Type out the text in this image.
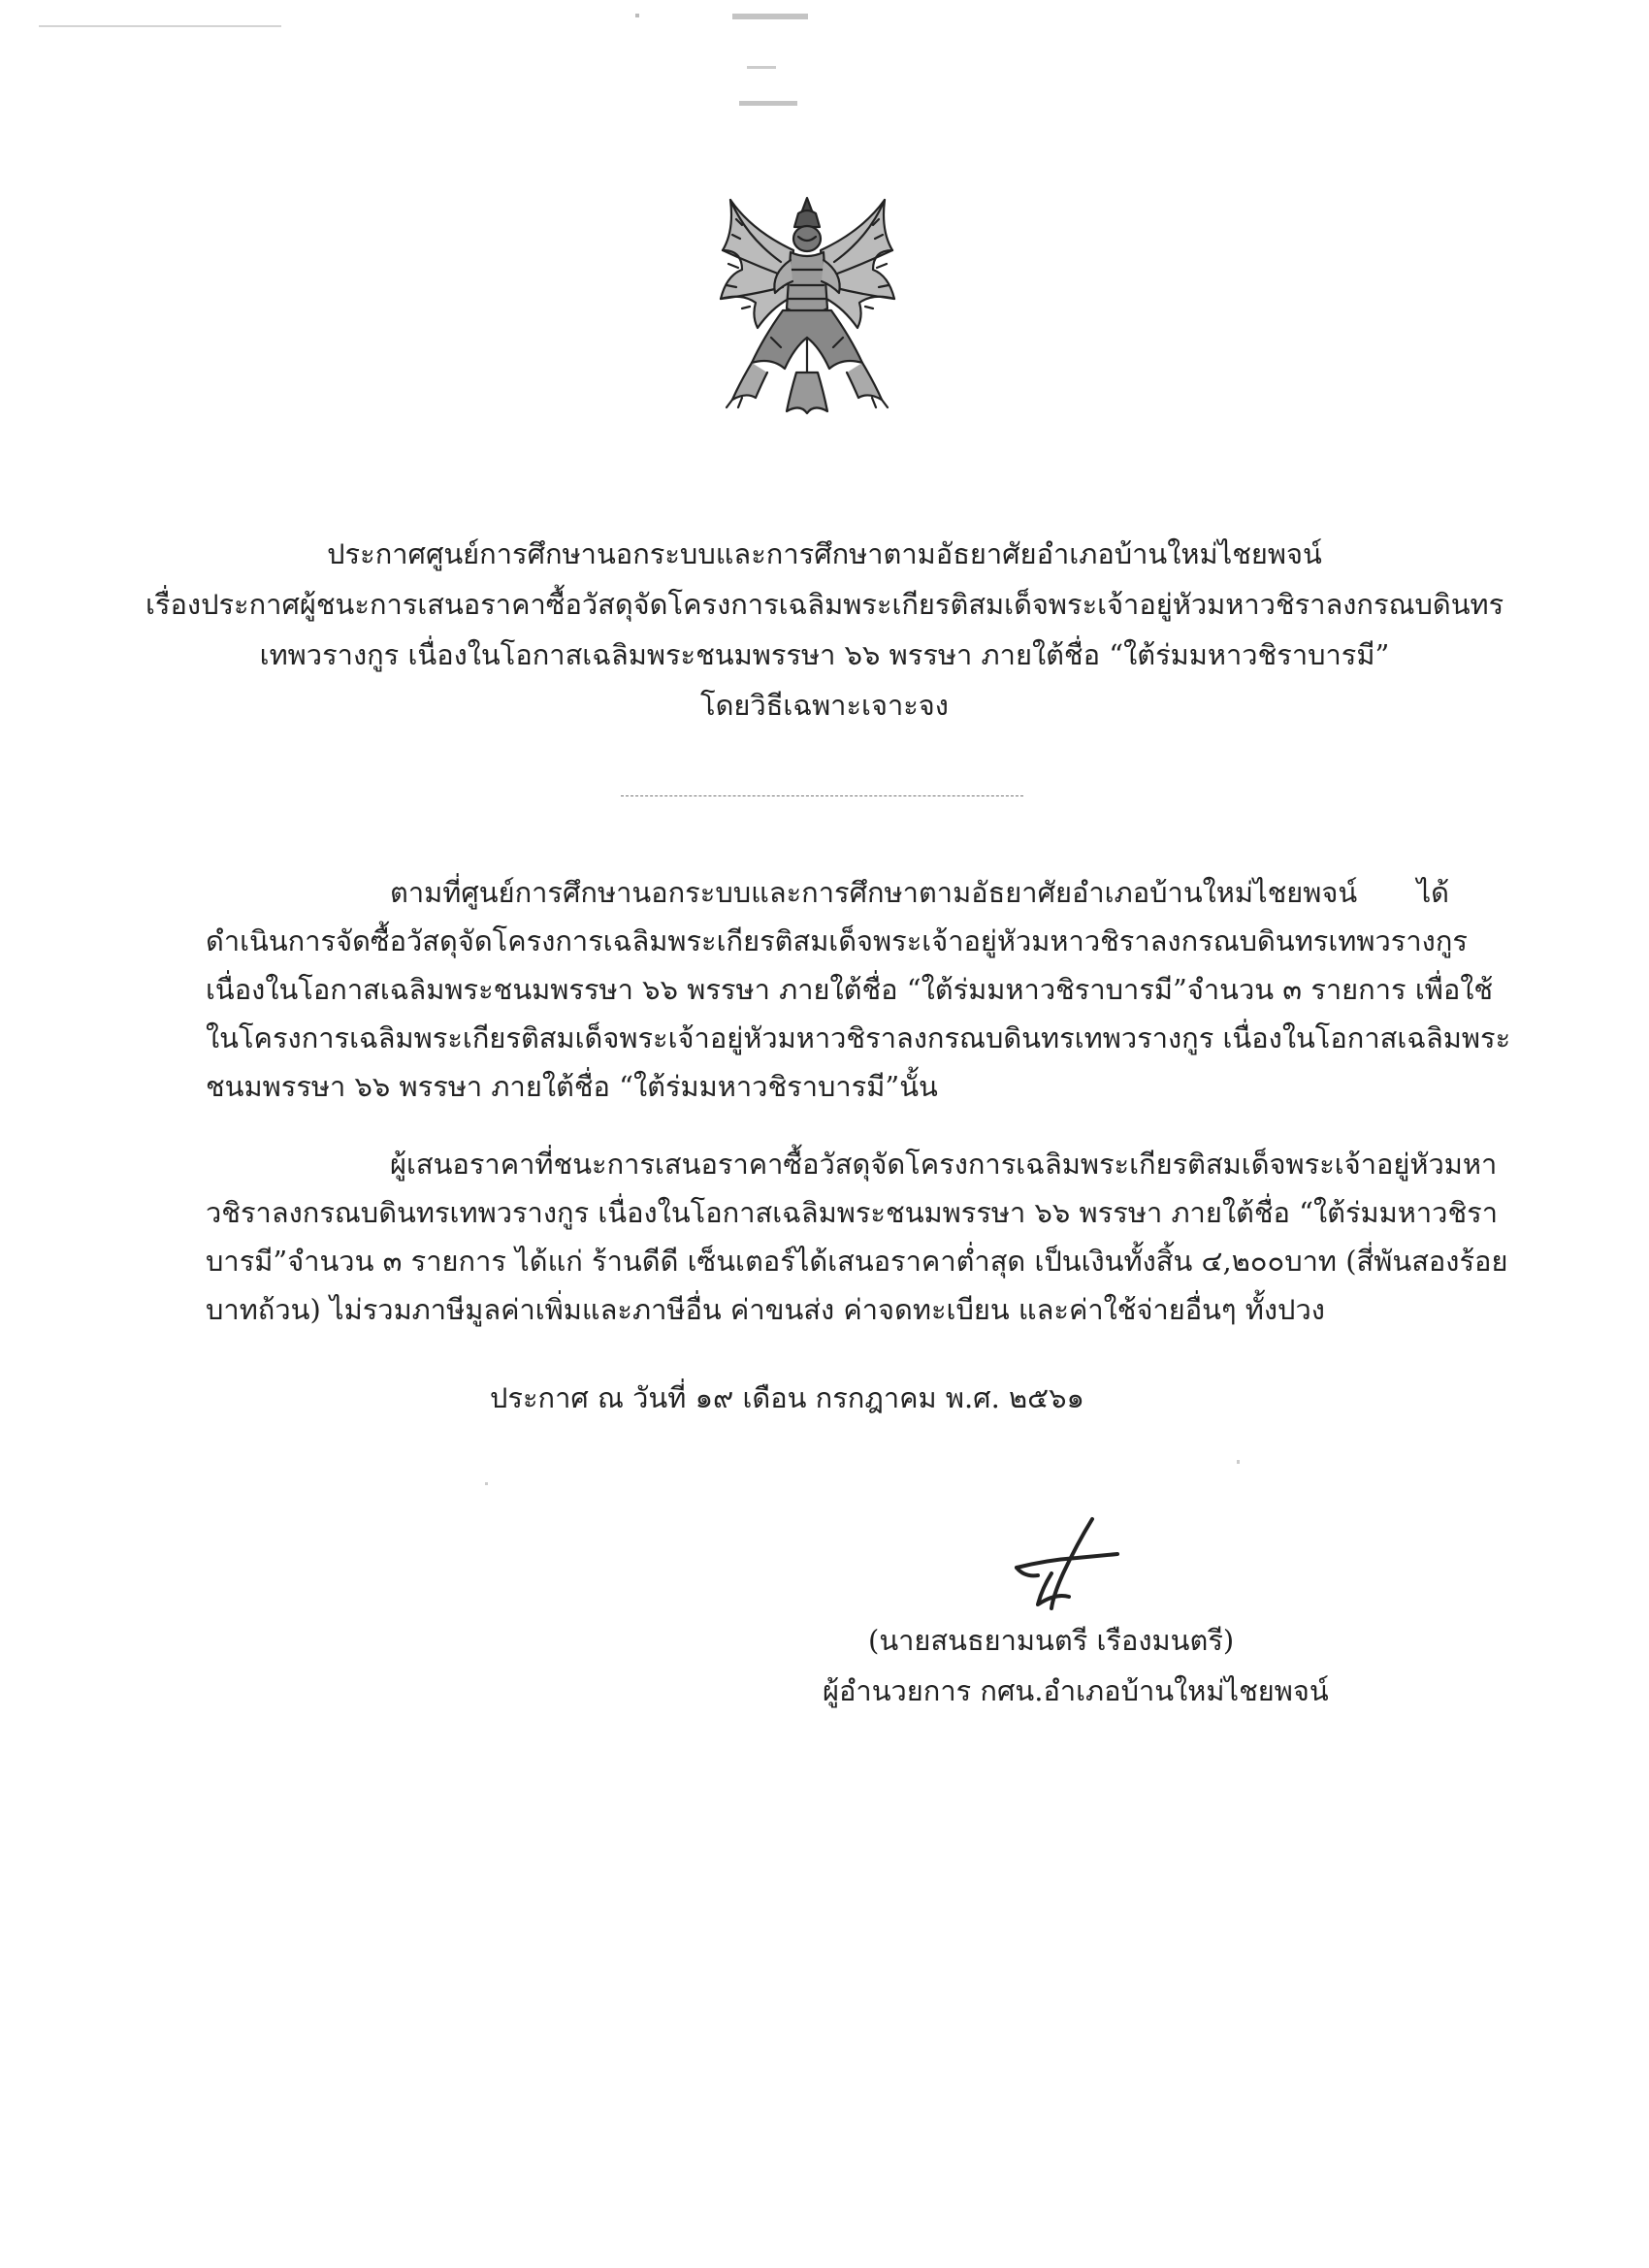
ประกาศศูนย์การศึกษานอกระบบและการศึกษาตามอัธยาศัยอำเภอบ้านใหม่ไชยพจน์
เรื่องประกาศผู้ชนะการเสนอราคาซื้อวัสดุจัดโครงการเฉลิมพระเกียรติสมเด็จพระเจ้าอยู่หัวมหาวชิราลงกรณบดินทร
เทพวรางกูร เนื่องในโอกาสเฉลิมพระชนมพรรษา ๖๖ พรรษา ภายใต้ชื่อ “ใต้ร่มมหาวชิราบารมี”
โดยวิธีเฉพาะเจาะจง
ตามที่ศูนย์การศึกษานอกระบบและการศึกษาตามอัธยาศัยอำเภอบ้านใหม่ไชยพจน์ ได้
ดำเนินการจัดซื้อวัสดุจัดโครงการเฉลิมพระเกียรติสมเด็จพระเจ้าอยู่หัวมหาวชิราลงกรณบดินทรเทพวรางกูร
เนื่องในโอกาสเฉลิมพระชนมพรรษา ๖๖ พรรษา ภายใต้ชื่อ “ใต้ร่มมหาวชิราบารมี”จำนวน ๓ รายการ เพื่อใช้
ในโครงการเฉลิมพระเกียรติสมเด็จพระเจ้าอยู่หัวมหาวชิราลงกรณบดินทรเทพวรางกูร เนื่องในโอกาสเฉลิมพระ
ชนมพรรษา ๖๖ พรรษา ภายใต้ชื่อ “ใต้ร่มมหาวชิราบารมี”นั้น
ผู้เสนอราคาที่ชนะการเสนอราคาซื้อวัสดุจัดโครงการเฉลิมพระเกียรติสมเด็จพระเจ้าอยู่หัวมหา
วชิราลงกรณบดินทรเทพวรางกูร เนื่องในโอกาสเฉลิมพระชนมพรรษา ๖๖ พรรษา ภายใต้ชื่อ “ใต้ร่มมหาวชิรา
บารมี”จำนวน ๓ รายการ ได้แก่ ร้านดีดี เซ็นเตอร์ได้เสนอราคาต่ำสุด เป็นเงินทั้งสิ้น ๔,๒๐๐บาท (สี่พันสองร้อย
บาทถ้วน) ไม่รวมภาษีมูลค่าเพิ่มและภาษีอื่น ค่าขนส่ง ค่าจดทะเบียน และค่าใช้จ่ายอื่นๆ ทั้งปวง
ประกาศ ณ วันที่ ๑๙ เดือน กรกฎาคม พ.ศ. ๒๕๖๑
(นายสนธยามนตรี เรืองมนตรี)
ผู้อำนวยการ กศน.อำเภอบ้านใหม่ไชยพจน์
